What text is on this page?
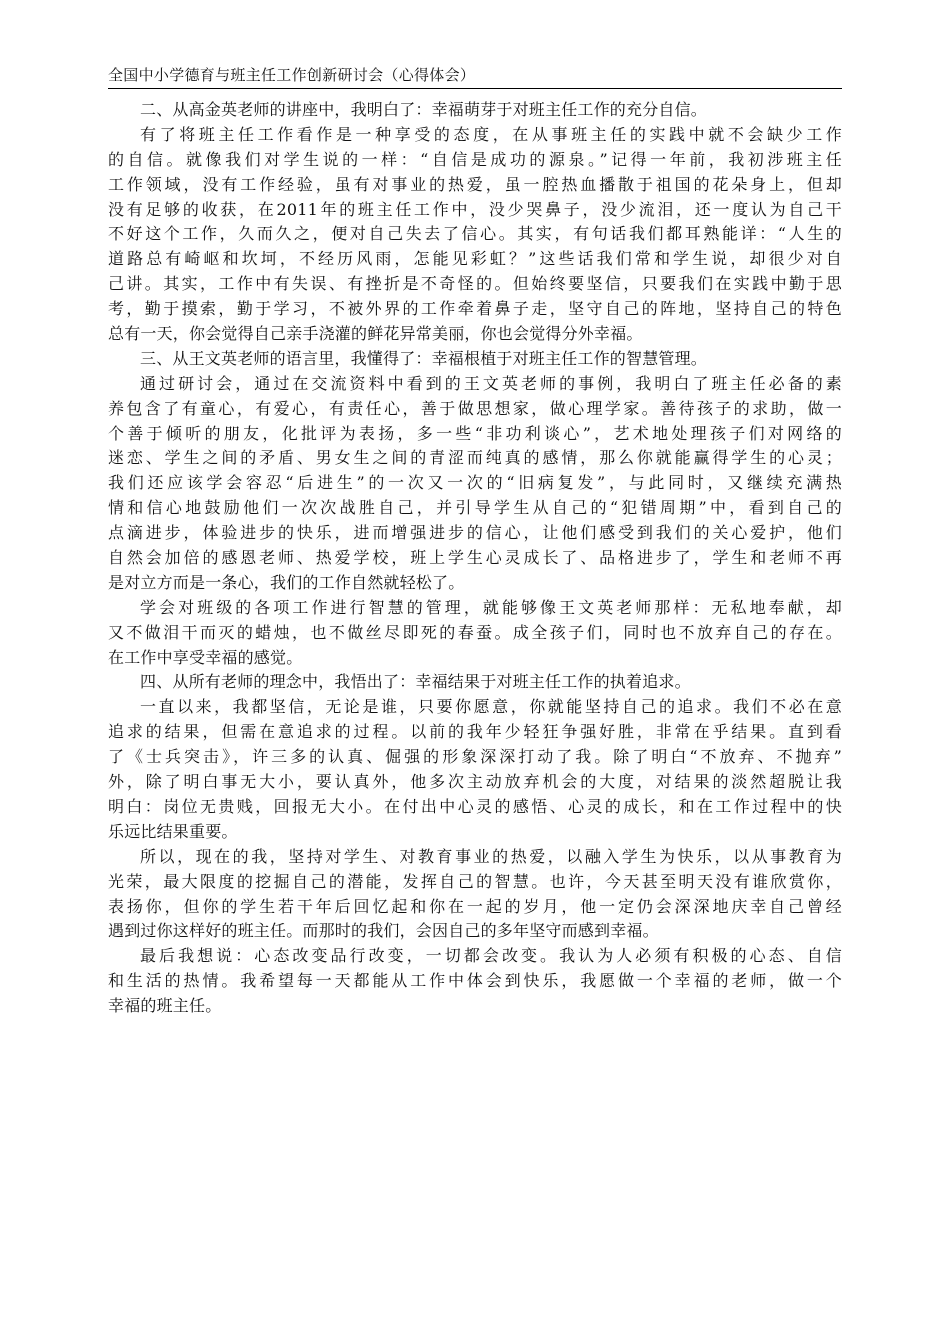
全国中小学德育与班主任工作创新研讨会（心得体会）
二、从高金英老师的讲座中，我明白了：幸福萌芽于对班主任工作的充分自信。
有了将班主任工作看作是一种享受的态度，在从事班主任的实践中就不会缺少工作
的自信。就像我们对学生说的一样：“自信是成功的源泉。”记得一年前，我初涉班主任
工作领域，没有工作经验，虽有对事业的热爱，虽一腔热血播散于祖国的花朵身上，但却
没有足够的收获，在2011年的班主任工作中，没少哭鼻子，没少流泪，还一度认为自己干
不好这个工作，久而久之，便对自己失去了信心。其实，有句话我们都耳熟能详：“人生的
道路总有崎岖和坎坷，不经历风雨，怎能见彩虹？”这些话我们常和学生说，却很少对自
己讲。其实，工作中有失误、有挫折是不奇怪的。但始终要坚信，只要我们在实践中勤于思
考，勤于摸索，勤于学习，不被外界的工作牵着鼻子走，坚守自己的阵地，坚持自己的特色
总有一天，你会觉得自己亲手浇灌的鲜花异常美丽，你也会觉得分外幸福。
三、从王文英老师的语言里，我懂得了：幸福根植于对班主任工作的智慧管理。
通过研讨会，通过在交流资料中看到的王文英老师的事例，我明白了班主任必备的素
养包含了有童心，有爱心，有责任心，善于做思想家，做心理学家。善待孩子的求助，做一
个善于倾听的朋友，化批评为表扬，多一些“非功利谈心”，艺术地处理孩子们对网络的
迷恋、学生之间的矛盾、男女生之间的青涩而纯真的感情，那么你就能赢得学生的心灵；
我们还应该学会容忍“后进生”的一次又一次的“旧病复发”，与此同时，又继续充满热
情和信心地鼓励他们一次次战胜自己，并引导学生从自己的“犯错周期”中，看到自己的
点滴进步，体验进步的快乐，进而增强进步的信心，让他们感受到我们的关心爱护，他们
自然会加倍的感恩老师、热爱学校，班上学生心灵成长了、品格进步了，学生和老师不再
是对立方而是一条心，我们的工作自然就轻松了。
学会对班级的各项工作进行智慧的管理，就能够像王文英老师那样：无私地奉献，却
又不做泪干而灭的蜡烛，也不做丝尽即死的春蚕。成全孩子们，同时也不放弃自己的存在。
在工作中享受幸福的感觉。
四、从所有老师的理念中，我悟出了：幸福结果于对班主任工作的执着追求。
一直以来，我都坚信，无论是谁，只要你愿意，你就能坚持自己的追求。我们不必在意
追求的结果，但需在意追求的过程。以前的我年少轻狂争强好胜，非常在乎结果。直到看
了《士兵突击》，许三多的认真、倔强的形象深深打动了我。除了明白“不放弃、不抛弃”
外，除了明白事无大小，要认真外，他多次主动放弃机会的大度，对结果的淡然超脱让我
明白：岗位无贵贱，回报无大小。在付出中心灵的感悟、心灵的成长，和在工作过程中的快
乐远比结果重要。
所以，现在的我，坚持对学生、对教育事业的热爱，以融入学生为快乐，以从事教育为
光荣，最大限度的挖掘自己的潜能，发挥自己的智慧。也许，今天甚至明天没有谁欣赏你，
表扬你，但你的学生若干年后回忆起和你在一起的岁月，他一定仍会深深地庆幸自己曾经
遇到过你这样好的班主任。而那时的我们，会因自己的多年坚守而感到幸福。
最后我想说：心态改变品行改变，一切都会改变。我认为人必须有积极的心态、自信
和生活的热情。我希望每一天都能从工作中体会到快乐，我愿做一个幸福的老师，做一个
幸福的班主任。
